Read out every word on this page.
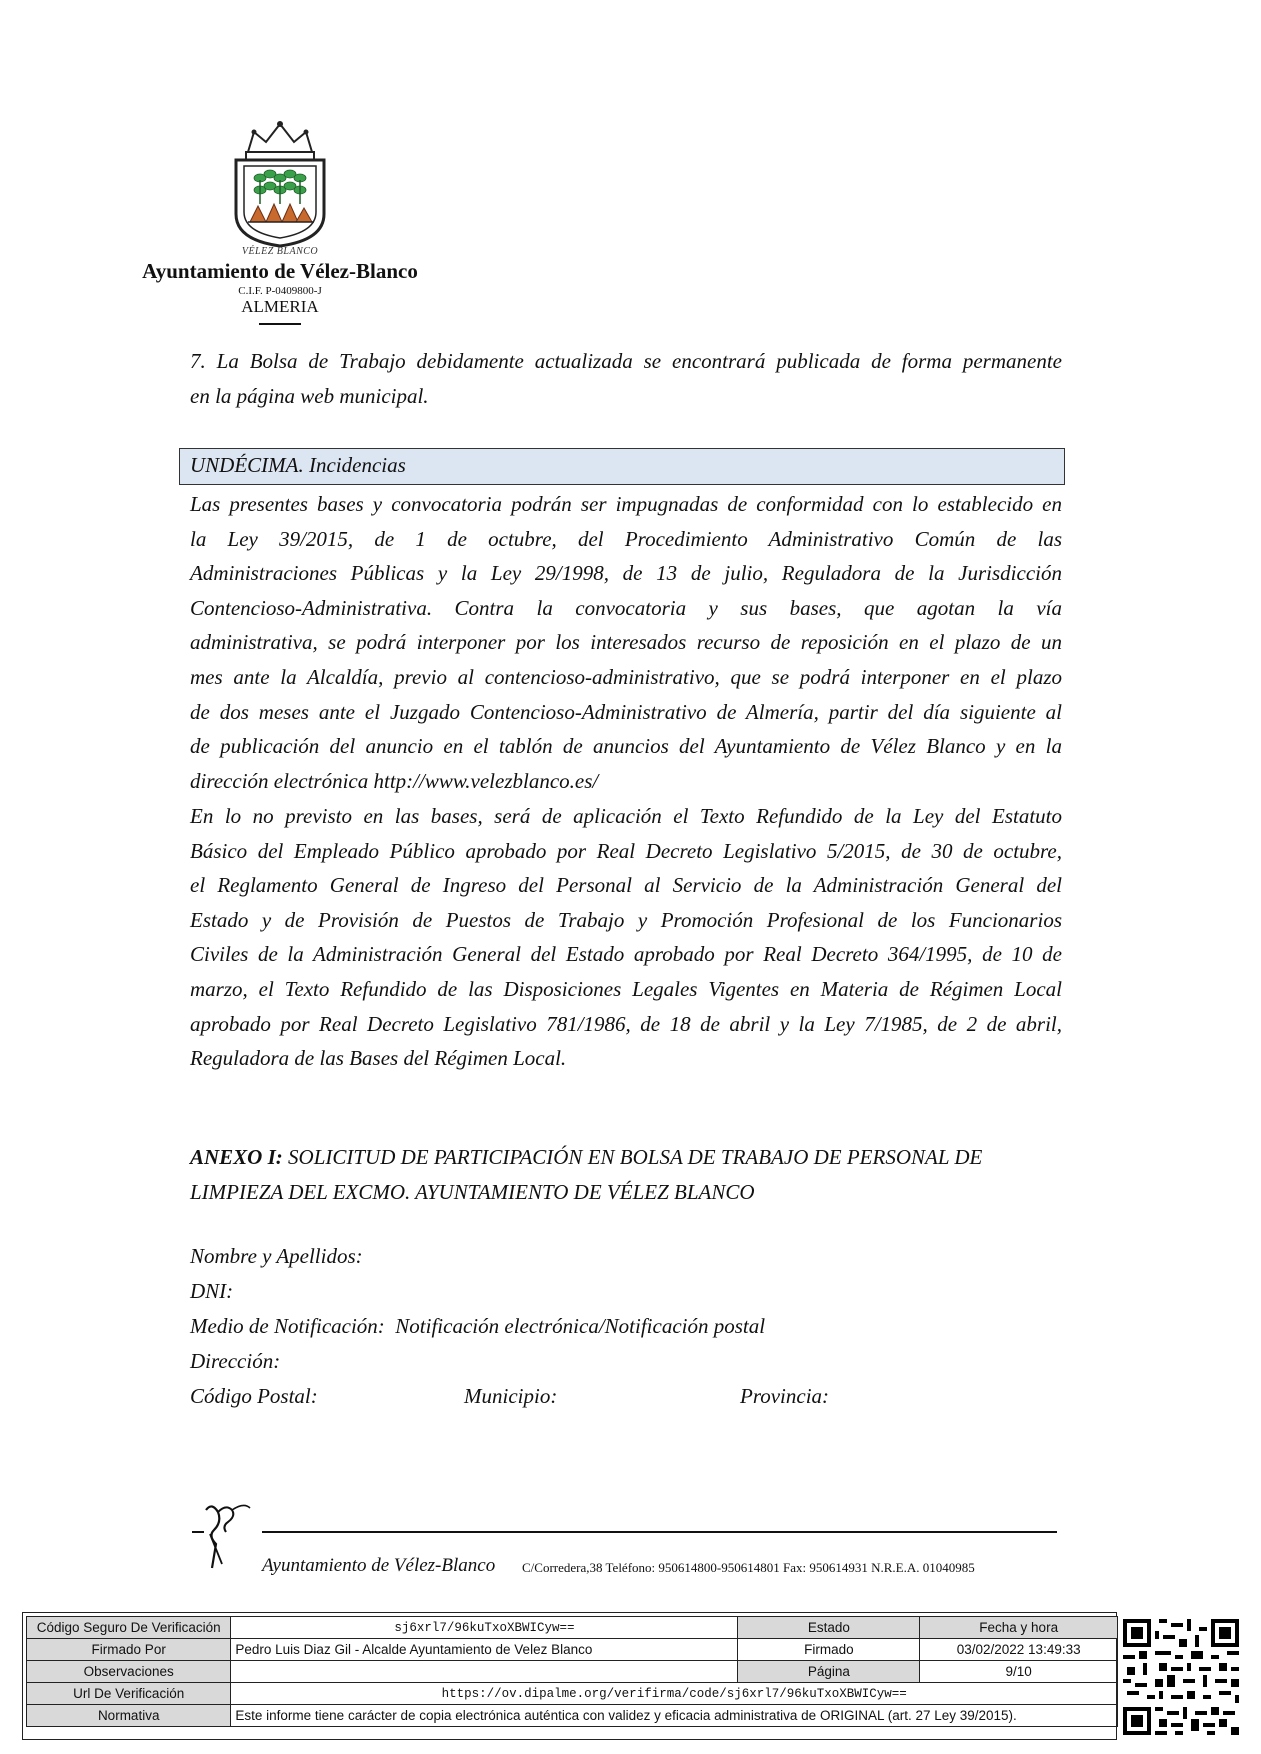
VÉLEZ BLANCO
Ayuntamiento de Vélez-Blanco
C.I.F. P-0409800-J
ALMERIA
7. La Bolsa de Trabajo debidamente actualizada se encontrará publicada de forma permanente
en la página web municipal.
UNDÉCIMA. Incidencias
Las presentes bases y convocatoria podrán ser impugnadas de conformidad con lo establecido en
la Ley 39/2015, de 1 de octubre, del Procedimiento Administrativo Común de las
Administraciones Públicas y la Ley 29/1998, de 13 de julio, Reguladora de la Jurisdicción
Contencioso-Administrativa. Contra la convocatoria y sus bases, que agotan la vía
administrativa, se podrá interponer por los interesados recurso de reposición en el plazo de un
mes ante la Alcaldía, previo al contencioso-administrativo, que se podrá interponer en el plazo
de dos meses ante el Juzgado Contencioso-Administrativo de Almería, partir del día siguiente al
de publicación del anuncio en el tablón de anuncios del Ayuntamiento de Vélez Blanco y en la
dirección electrónica http://www.velezblanco.es/
En lo no previsto en las bases, será de aplicación el Texto Refundido de la Ley del Estatuto
Básico del Empleado Público aprobado por Real Decreto Legislativo 5/2015, de 30 de octubre,
el Reglamento General de Ingreso del Personal al Servicio de la Administración General del
Estado y de Provisión de Puestos de Trabajo y Promoción Profesional de los Funcionarios
Civiles de la Administración General del Estado aprobado por Real Decreto 364/1995, de 10 de
marzo, el Texto Refundido de las Disposiciones Legales Vigentes en Materia de Régimen Local
aprobado por Real Decreto Legislativo 781/1986, de 18 de abril y la Ley 7/1985, de 2 de abril,
Reguladora de las Bases del Régimen Local.
ANEXO I: SOLICITUD DE PARTICIPACIÓN EN BOLSA DE TRABAJO DE PERSONAL DE
LIMPIEZA DEL EXCMO. AYUNTAMIENTO DE VÉLEZ BLANCO
Nombre y Apellidos:
DNI:
Medio de Notificación: Notificación electrónica/Notificación postal
Dirección:
Código Postal:	Municipio:	Provincia:
Ayuntamiento de Vélez-Blanco C/Corredera,38 Teléfono: 950614800-950614801 Fax: 950614931 N.R.E.A. 01040985
Código Seguro De Verificación	sj6xrl7/96kuTxoXBWICyw==	Estado	Fecha y hora
Firmado Por	Pedro Luis Diaz Gil - Alcalde Ayuntamiento de Velez Blanco	Firmado	03/02/2022 13:49:33
Observaciones		Página	9/10
Url De Verificación	https://ov.dipalme.org/verifirma/code/sj6xrl7/96kuTxoXBWICyw==		
Normativa	Este informe tiene carácter de copia electrónica auténtica con validez y eficacia administrativa de ORIGINAL (art. 27 Ley 39/2015).		
